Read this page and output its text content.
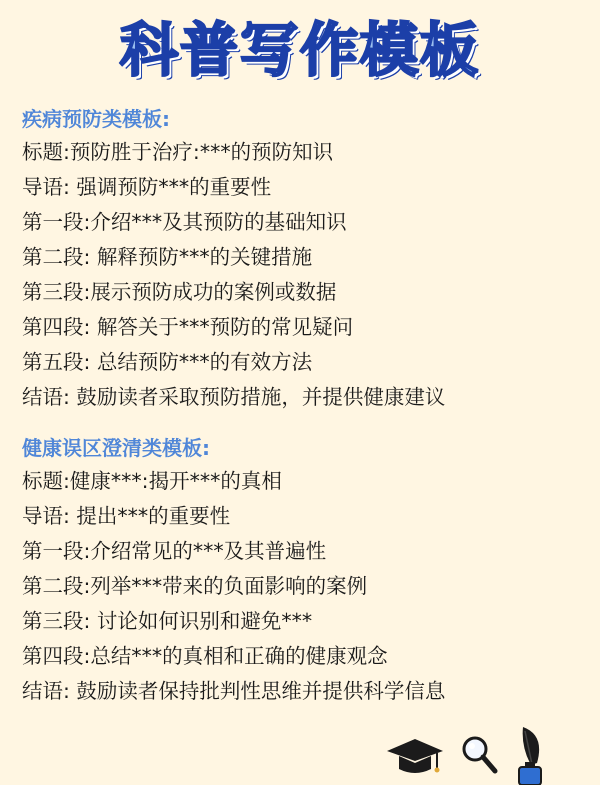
科普写作模板

疾病预防类模板:

标题:预防胜于治疗:***的预防知识

导语: 强调预防***的重要性

第一段:介绍***及其预防的基础知识

第二段: 解释预防***的关键措施

第三段:展示预防成功的案例或数据

第四段: 解答关于***预防的常见疑问

第五段: 总结预防***的有效方法

结语: 鼓励读者采取预防措施，并提供健康建议

健康误区澄清类模板:

标题:健康***:揭开***的真相

导语: 提出***的重要性

第一段:介绍常见的***及其普遍性

第二段:列举***带来的负面影响的案例

第三段: 讨论如何识别和避免***

第四段:总结***的真相和正确的健康观念

结语: 鼓励读者保持批判性思维并提供科学信息
